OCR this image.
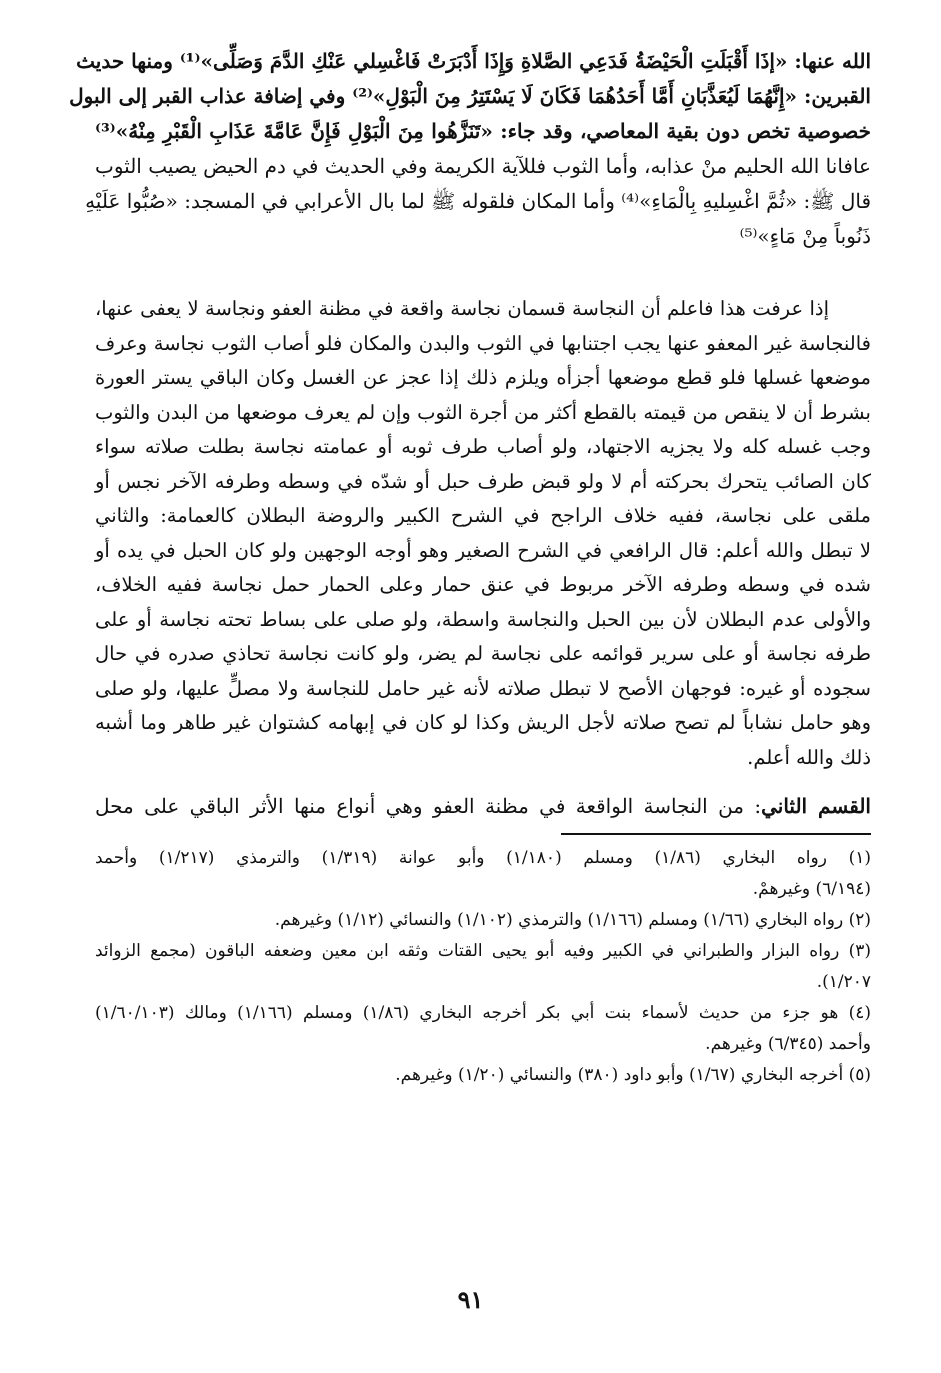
الله عنها: «إذَا أَقْبَلَتِ الْحَيْضَةُ فَدَعِي الصَّلاةِ وَإِذَا أَدْبَرَتْ فَاغْسِلي عَنْكِ الدَّمَ وَصَلِّى»⁽¹⁾ ومنها حديث
القبرين: «إِنَّهُمَا لَيُعَذَّبَانِ أَمَّا أَحَدُهُمَا فَكَانَ لَا يَسْتَتِرُ مِنَ الْبَوْلِ»⁽²⁾ وفي إضافة عذاب القبر إلى البول
خصوصية تخص دون بقية المعاصي، وقد جاء: «تَنَزَّهُوا مِنَ الْبَوْلِ فَإِنَّ عَامَّةَ عَذَابِ الْقَبْرِ مِنْهُ»⁽³⁾
عافانا الله الحليم منْ عذابه، وأما الثوب فللآية الكريمة وفي الحديث في دم الحيض يصيب الثوب
قال ﷺ: «ثُمَّ اغْسِليهِ بِالْمَاءِ»⁽⁴⁾ وأما المكان فلقوله ﷺ لما بال الأعرابي في المسجد: «صُبُّوا عَلَيْهِ
ذَنُوباً مِنْ مَاءٍ»⁽⁵⁾
إذا عرفت هذا فاعلم أن النجاسة قسمان نجاسة واقعة في مظنة العفو ونجاسة لا يعفى عنها،
فالنجاسة غير المعفو عنها يجب اجتنابها في الثوب والبدن والمكان فلو أصاب الثوب نجاسة وعرف
موضعها غسلها فلو قطع موضعها أجزأه ويلزم ذلك إذا عجز عن الغسل وكان الباقي يستر العورة
بشرط أن لا ينقص من قيمته بالقطع أكثر من أجرة الثوب وإن لم يعرف موضعها من البدن والثوب
وجب غسله كله ولا يجزيه الاجتهاد، ولو أصاب طرف ثوبه أو عمامته نجاسة بطلت صلاته سواء
كان الصائب يتحرك بحركته أم لا ولو قبض طرف حبل أو شدّه في وسطه وطرفه الآخر نجس أو
ملقى على نجاسة، ففيه خلاف الراجح في الشرح الكبير والروضة البطلان كالعمامة: والثاني
لا تبطل والله أعلم: قال الرافعي في الشرح الصغير وهو أوجه الوجهين ولو كان الحبل في يده أو
شده في وسطه وطرفه الآخر مربوط في عنق حمار وعلى الحمار حمل نجاسة ففيه الخلاف،
والأولى عدم البطلان لأن بين الحبل والنجاسة واسطة، ولو صلى على بساط تحته نجاسة أو على
طرفه نجاسة أو على سرير قوائمه على نجاسة لم يضر، ولو كانت نجاسة تحاذي صدره في حال
سجوده أو غيره: فوجهان الأصح لا تبطل صلاته لأنه غير حامل للنجاسة ولا مصلٍّ عليها، ولو صلى
وهو حامل نشاباً لم تصح صلاته لأجل الريش وكذا لو كان في إبهامه كشتوان غير طاهر وما أشبه
ذلك والله أعلم.
القسم الثاني: من النجاسة الواقعة في مظنة العفو وهي أنواع منها الأثر الباقي على محل
(١) رواه البخاري (١/٨٦) ومسلم (١/١٨٠) وأبو عوانة (١/٣١٩) والترمذي (١/٢١٧) وأحمد
(٦/١٩٤) وغيرهمْ.
(٢) رواه البخاري (١/٦٦) ومسلم (١/١٦٦) والترمذي (١/١٠٢) والنسائي (١/١٢) وغيرهم.
(٣) رواه البزار والطبراني في الكبير وفيه أبو يحيى القتات وثقه ابن معين وضعفه الباقون (مجمع الزوائد
١/٢٠٧).
(٤) هو جزء من حديث لأسماء بنت أبي بكر أخرجه البخاري (١/٨٦) ومسلم (١/١٦٦) ومالك (١/٦٠/١٠٣)
وأحمد (٦/٣٤٥) وغيرهم.
(٥) أخرجه البخاري (١/٦٧) وأبو داود (٣٨٠) والنسائي (١/٢٠) وغيرهم.
٩١
